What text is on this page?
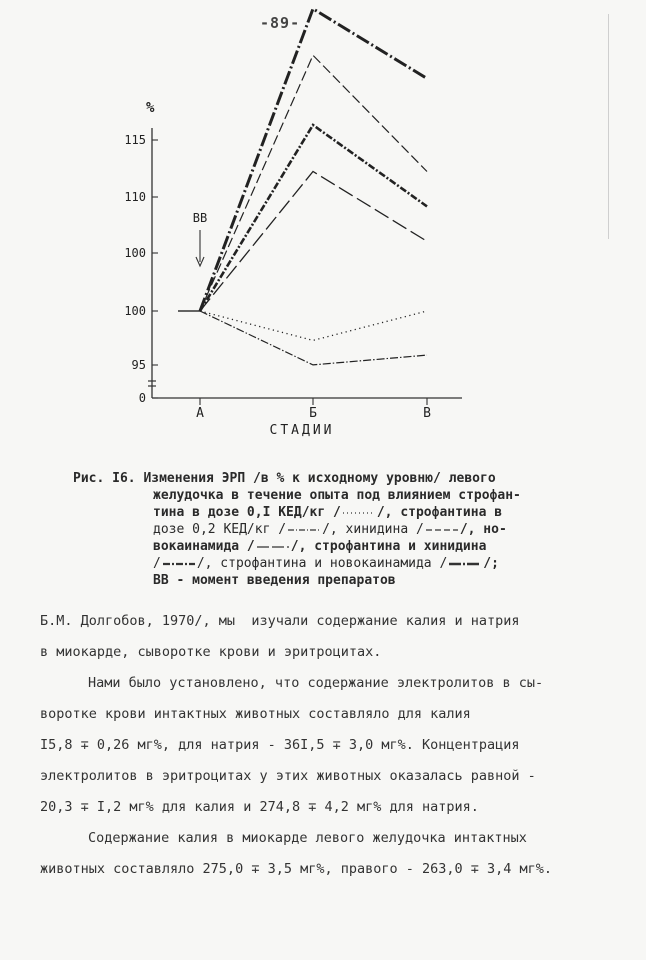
-89-
115
110
100
100
95
0
А	Б	В
%
СТАДИИ
ВВ
Рис. I6. Изменения ЭРП /в % к исходному уровню/ левого
желудочка в течение опыта под влиянием строфан-
тина в дозе 0,I КЕД/кг /	/, строфантина в
дозе 0,2 КЕД/кг /	/, хинидина /	/, но-
вокаинамида /	/, строфантина и хинидина
/	/, строфантина и новокаинамида /	/;
ВВ - момент введения препаратов
Б.М. Долгобов, 1970/, мы  изучали содержание калия и натрия
в миокарде, сыворотке крови и эритроцитах.
Нами было установлено, что содержание электролитов в сы-
воротке крови интактных животных составляло для калия
I5,8 ∓ 0,26 мг%, для натрия - 36I,5 ∓ 3,0 мг%. Концентрация
электролитов в эритроцитах у этих животных оказалась равной -
20,3 ∓ I,2 мг% для калия и 274,8 ∓ 4,2 мг% для натрия.
Содержание калия в миокарде левого желудочка интактных
животных составляло 275,0 ∓ 3,5 мг%, правого - 263,0 ∓ 3,4 мг%.
